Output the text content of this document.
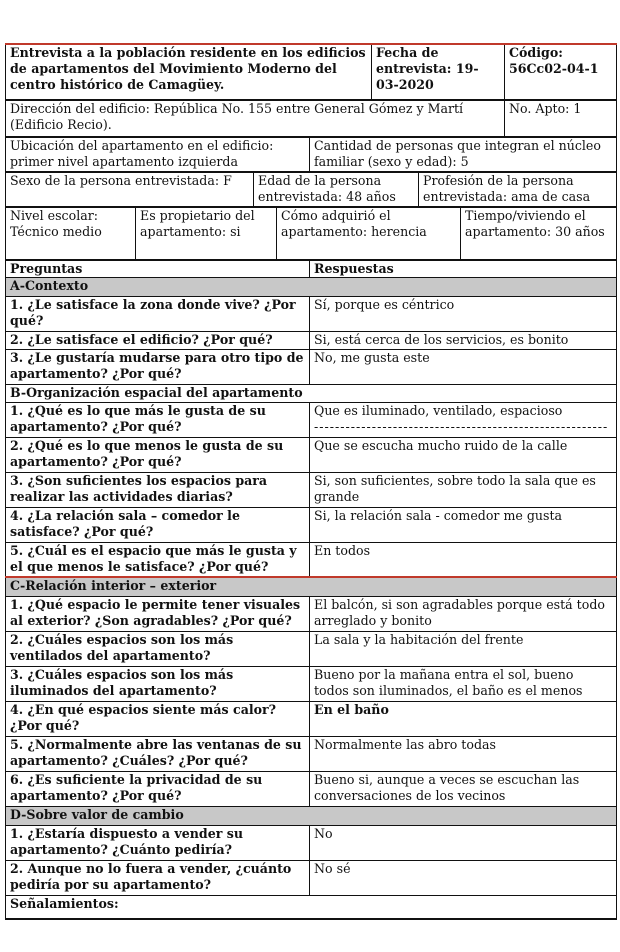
Entrevista a la población residente en los edificios de apartamentos del Movimiento Moderno del centro histórico de Camagüey.	Fecha de entrevista: 19-03-2020	Código: 56Cc02-04-1
Dirección del edificio: República No. 155 entre General Gómez y Martí (Edificio Recio).	No. Apto: 1
Ubicación del apartamento en el edificio: primer nivel apartamento izquierda	Cantidad de personas que integran el núcleo familiar (sexo y edad): 5
Sexo de la persona entrevistada: F	Edad de la persona entrevistada: 48 años	Profesión de la persona entrevistada: ama de casa
Nivel escolar: Técnico medio	Es propietario del apartamento: si	Cómo adquirió el apartamento: herencia	Tiempo/viviendo el apartamento: 30 años
Preguntas	Respuestas
A-Contexto	
1. ¿Le satisface la zona donde vive? ¿Por qué?	Sí, porque es céntrico
2. ¿Le satisface el edificio? ¿Por qué?	Si, está cerca de los servicios, es bonito
3. ¿Le gustaría mudarse para otro tipo de apartamento? ¿Por qué?	No, me gusta este
B-Organización espacial del apartamento	
1. ¿Qué es lo que más le gusta de su apartamento? ¿Por qué?	Que es iluminado, ventilado, espacioso
--------------------------------------------------------

2. ¿Qué es lo que menos le gusta de su apartamento? ¿Por qué?	Que se escucha mucho ruido de la calle
3. ¿Son suficientes los espacios para realizar las actividades diarias?	Si, son suficientes, sobre todo la sala que es grande
4. ¿La relación sala – comedor le satisface? ¿Por qué?	Si, la relación sala - comedor me gusta
5. ¿Cuál es el espacio que más le gusta y el que menos le satisface? ¿Por qué?	En todos
C-Relación interior – exterior	
1. ¿Qué espacio le permite tener visuales al exterior? ¿Son agradables? ¿Por qué?	El balcón, si son agradables porque está todo arreglado y bonito
2. ¿Cuáles espacios son los más ventilados del apartamento?	La sala y la habitación del frente
3. ¿Cuáles espacios son los más iluminados del apartamento?	Bueno por la mañana entra el sol, bueno todos son iluminados, el baño es el menos
4. ¿En qué espacios siente más calor? ¿Por qué?	En el baño
5. ¿Normalmente abre las ventanas de su apartamento? ¿Cuáles? ¿Por qué?	Normalmente las abro todas
6. ¿Es suficiente la privacidad de su apartamento? ¿Por qué?	Bueno si, aunque a veces se escuchan las conversaciones de los vecinos
D-Sobre valor de cambio	
1. ¿Estaría dispuesto a vender su apartamento? ¿Cuánto pediría?	No
2. Aunque no lo fuera a vender, ¿cuánto pediría por su apartamento?	No sé
Señalamientos:	
